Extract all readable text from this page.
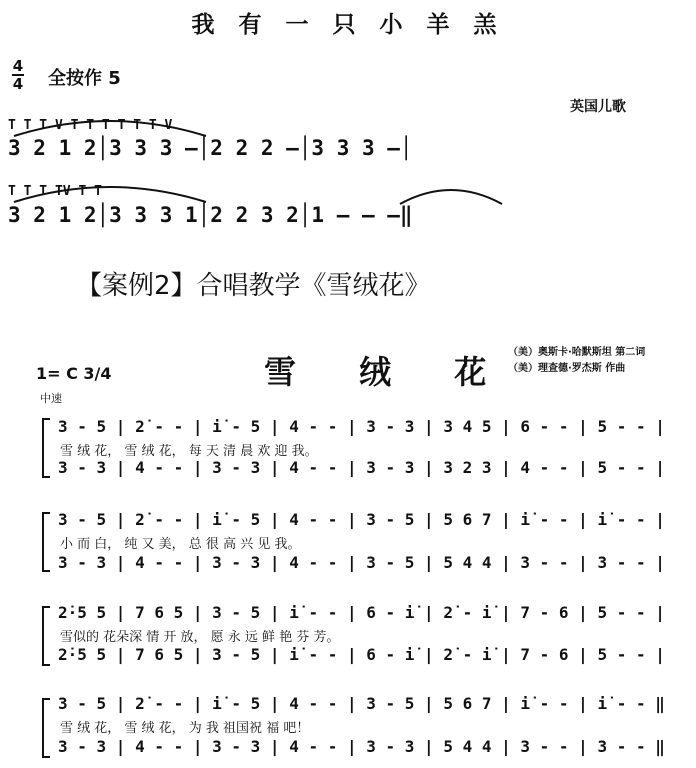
我 有 一 只 小 羊 羔
4
4 全按作 5
英国儿歌
T T T V T T T T T T V
3 2 1 2│3 3 3 –│2 2 2 –│3 3 3 –│
T T T TV T T
3 2 1 2│3 3 3 1│2 2 3 2│1 – – –‖
【案例2】合唱教学《雪绒花》
1= C 3/4
中速
雪 绒 花
（美）奥斯卡·哈默斯坦 第二词
（美）理查德·罗杰斯 作曲
3 - 5 | 2̇ - - | i̇ - 5 | 4 - - | 3 - 3 | 3 4 5 | 6 - - | 5 - - |
雪 绒 花， 雪 绒 花， 每 天 清 晨 欢 迎 我。
3 - 3 | 4 - - | 3 - 3 | 4 - - | 3 - 3 | 3 2 3 | 4 - - | 5 - - |
3 - 5 | 2̇ - - | i̇ - 5 | 4 - - | 3 - 5 | 5 6 7 | i̇ - - | i̇ - - |
小 而 白， 纯 又 美， 总 很 高 兴 见 我。
3 - 3 | 4 - - | 3 - 3 | 4 - - | 3 - 5 | 5 4 4 | 3 - - | 3 - - |
2̇·5 5 | 7 6 5 | 3 - 5 | i̇ - - | 6 - i̇ | 2̇ - i̇ | 7 - 6 | 5 - - |
雪似的 花朵深 情 开 放， 愿 永 远 鲜 艳 芬 芳。
2̇·5 5 | 7 6 5 | 3 - 5 | i̇ - - | 6 - i̇ | 2̇ - i̇ | 7 - 6 | 5 - - |
3 - 5 | 2̇ - - | i̇ - 5 | 4 - - | 3 - 5 | 5 6 7 | i̇ - - | i̇ - - ‖
雪 绒 花， 雪 绒 花， 为 我 祖国祝 福 吧！
3 - 3 | 4 - - | 3 - 3 | 4 - - | 3 - 3 | 5 4 4 | 3 - - | 3 - - ‖
